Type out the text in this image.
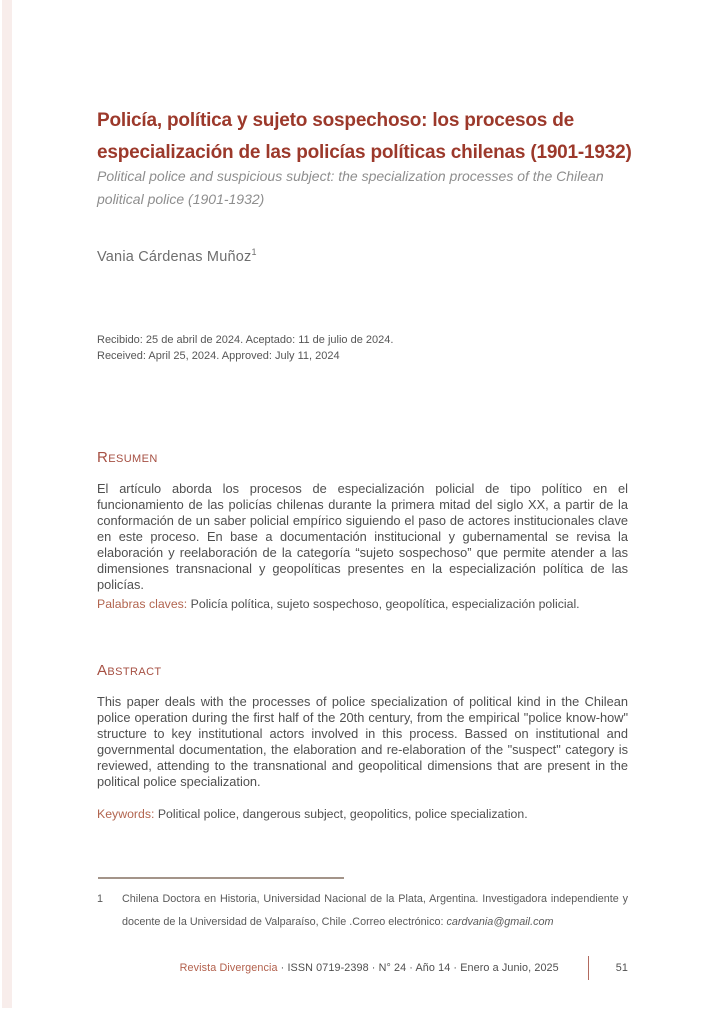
Policía, política y sujeto sospechoso: los procesos de especialización de las policías políticas chilenas (1901-1932)
Political police and suspicious subject: the specialization processes of the Chilean political police (1901-1932)
Vania Cárdenas Muñoz$^1$
Recibido: 25 de abril de 2024. Aceptado: 11 de julio de 2024.
Received: April 25, 2024. Approved: July 11, 2024
Resumen
El artículo aborda los procesos de especialización policial de tipo político en el funcionamiento de las policías chilenas durante la primera mitad del siglo XX, a partir de la conformación de un saber policial empírico siguiendo el paso de actores institucionales clave en este proceso. En base a documentación institucional y gubernamental se revisa la elaboración y reelaboración de la categoría “sujeto sospechoso” que permite atender a las dimensiones transnacional y geopolíticas presentes en la especialización política de las policías.
Palabras claves: Policía política, sujeto sospechoso, geopolítica, especialización policial.
Abstract
This paper deals with the processes of police specialization of political kind in the Chilean police operation during the first half of the 20th century, from the empirical "police know-how" structure to key institutional actors involved in this process. Bassed on institutional and governmental documentation, the elaboration and re-elaboration of the "suspect" category is reviewed, attending to the transnational and geopolitical dimensions that are present in the political police specialization.
Keywords: Political police, dangerous subject, geopolitics, police specialization.
1	Chilena Doctora en Historia, Universidad Nacional de la Plata, Argentina. Investigadora independiente y docente de la Universidad de Valparaíso, Chile .Correo electrónico: cardvania@gmail.com
Revista Divergencia · ISSN 0719-2398 · N° 24 · Año 14 · Enero a Junio, 2025	51
